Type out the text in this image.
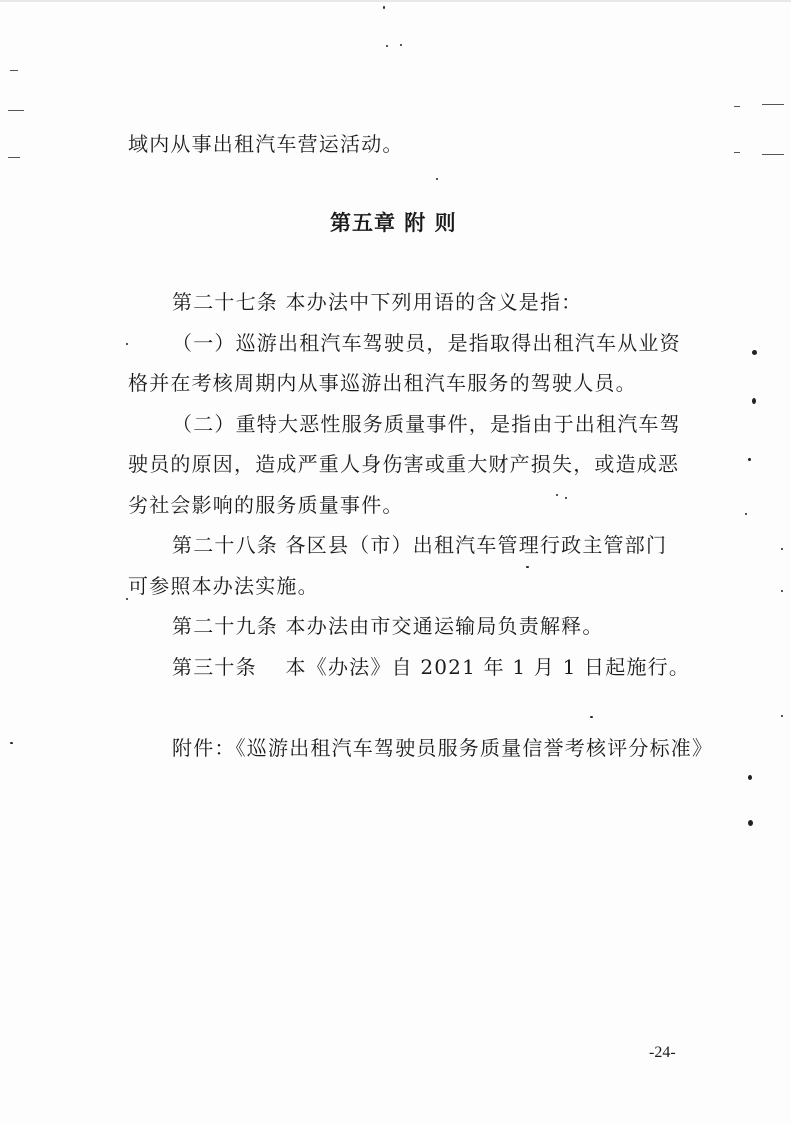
域内从事出租汽车营运活动。
第五章 附 则
第二十七条 本办法中下列用语的含义是指：
（一）巡游出租汽车驾驶员，是指取得出租汽车从业资
格并在考核周期内从事巡游出租汽车服务的驾驶人员。
（二）重特大恶性服务质量事件，是指由于出租汽车驾
驶员的原因，造成严重人身伤害或重大财产损失，或造成恶
劣社会影响的服务质量事件。
第二十八条 各区县（市）出租汽车管理行政主管部门
可参照本办法实施。
第二十九条 本办法由市交通运输局负责解释。
第三十条　 本《办法》自 2021 年 1 月 1 日起施行。
附件：《巡游出租汽车驾驶员服务质量信誉考核评分标准》
-24-
